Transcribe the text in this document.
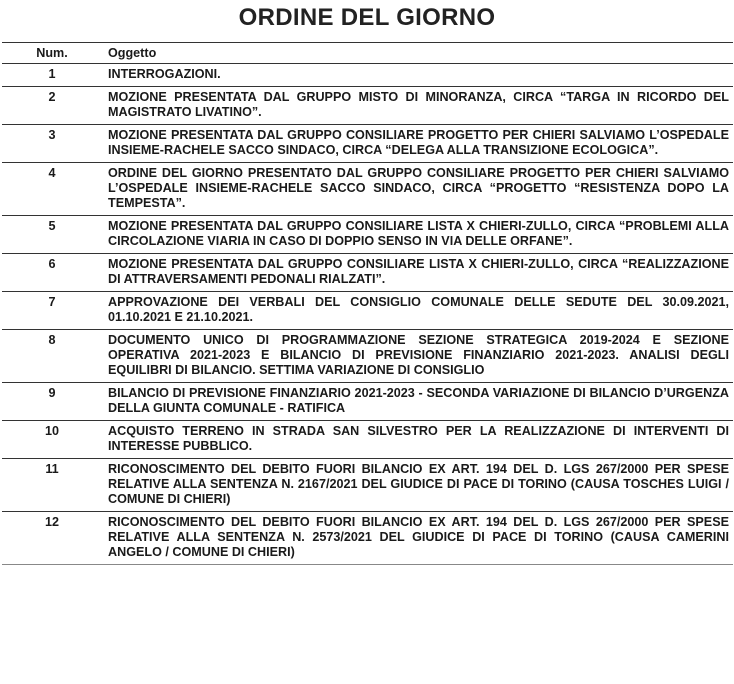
ORDINE DEL GIORNO
Num.	Oggetto
1	INTERROGAZIONI.
2	MOZIONE PRESENTATA DAL GRUPPO MISTO DI MINORANZA, CIRCA “TARGA IN RICORDO DEL MAGISTRATO LIVATINO”.
3	MOZIONE PRESENTATA DAL GRUPPO CONSILIARE PROGETTO PER CHIERI SALVIAMO L’OSPEDALE INSIEME-RACHELE SACCO SINDACO, CIRCA “DELEGA ALLA TRANSIZIONE ECOLOGICA”.
4	ORDINE DEL GIORNO PRESENTATO DAL GRUPPO CONSILIARE PROGETTO PER CHIERI SALVIAMO L’OSPEDALE INSIEME-RACHELE SACCO SINDACO, CIRCA “PROGETTO “RESISTENZA DOPO LA TEMPESTA”.
5	MOZIONE PRESENTATA DAL GRUPPO CONSILIARE LISTA X CHIERI-ZULLO, CIRCA “PROBLEMI ALLA CIRCOLAZIONE VIARIA IN CASO DI DOPPIO SENSO IN VIA DELLE ORFANE”.
6	MOZIONE PRESENTATA DAL GRUPPO CONSILIARE LISTA X CHIERI-ZULLO, CIRCA “REALIZZAZIONE DI ATTRAVERSAMENTI PEDONALI RIALZATI”.
7	APPROVAZIONE DEI VERBALI DEL CONSIGLIO COMUNALE DELLE SEDUTE DEL 30.09.2021, 01.10.2021 E 21.10.2021.
8	DOCUMENTO UNICO DI PROGRAMMAZIONE SEZIONE STRATEGICA 2019-2024 E SEZIONE OPERATIVA 2021-2023 E BILANCIO DI PREVISIONE FINANZIARIO 2021-2023. ANALISI DEGLI EQUILIBRI DI BILANCIO. SETTIMA VARIAZIONE DI CONSIGLIO
9	BILANCIO DI PREVISIONE FINANZIARIO 2021-2023 - SECONDA VARIAZIONE DI BILANCIO D’URGENZA DELLA GIUNTA COMUNALE - RATIFICA
10	ACQUISTO TERRENO IN STRADA SAN SILVESTRO PER LA REALIZZAZIONE DI INTERVENTI DI INTERESSE PUBBLICO.
11	RICONOSCIMENTO DEL DEBITO FUORI BILANCIO EX ART. 194 DEL D. LGS 267/2000 PER SPESE RELATIVE ALLA SENTENZA N. 2167/2021 DEL GIUDICE DI PACE DI TORINO (CAUSA TOSCHES LUIGI / COMUNE DI CHIERI)
12	RICONOSCIMENTO DEL DEBITO FUORI BILANCIO EX ART. 194 DEL D. LGS 267/2000 PER SPESE RELATIVE ALLA SENTENZA N. 2573/2021 DEL GIUDICE DI PACE DI TORINO (CAUSA CAMERINI ANGELO / COMUNE DI CHIERI)
